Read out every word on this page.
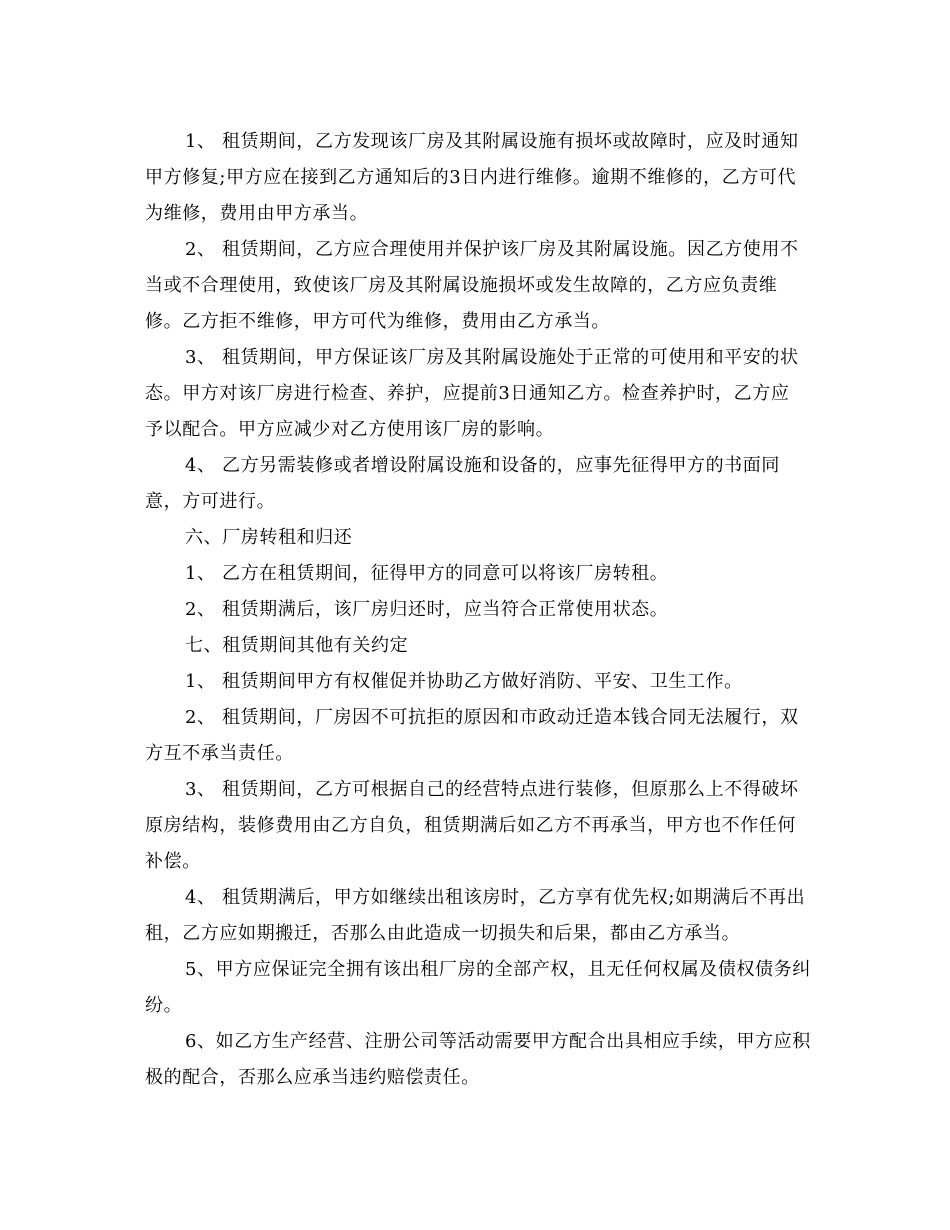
1、 租赁期间，乙方发现该厂房及其附属设施有损坏或故障时，应及时通知
甲方修复;甲方应在接到乙方通知后的3日内进行维修。逾期不维修的，乙方可代
为维修，费用由甲方承当。
2、 租赁期间，乙方应合理使用并保护该厂房及其附属设施。因乙方使用不
当或不合理使用，致使该厂房及其附属设施损坏或发生故障的，乙方应负责维
修。乙方拒不维修，甲方可代为维修，费用由乙方承当。
3、 租赁期间，甲方保证该厂房及其附属设施处于正常的可使用和平安的状
态。甲方对该厂房进行检查、养护，应提前3日通知乙方。检查养护时，乙方应
予以配合。甲方应减少对乙方使用该厂房的影响。
4、 乙方另需装修或者增设附属设施和设备的，应事先征得甲方的书面同
意，方可进行。
六、厂房转租和归还
1、 乙方在租赁期间，征得甲方的同意可以将该厂房转租。
2、 租赁期满后，该厂房归还时，应当符合正常使用状态。
七、租赁期间其他有关约定
1、 租赁期间甲方有权催促并协助乙方做好消防、平安、卫生工作。
2、 租赁期间，厂房因不可抗拒的原因和市政动迁造本钱合同无法履行，双
方互不承当责任。
3、 租赁期间，乙方可根据自己的经营特点进行装修，但原那么上不得破坏
原房结构，装修费用由乙方自负，租赁期满后如乙方不再承当，甲方也不作任何
补偿。
4、 租赁期满后，甲方如继续出租该房时，乙方享有优先权;如期满后不再出
租，乙方应如期搬迁，否那么由此造成一切损失和后果，都由乙方承当。
5、甲方应保证完全拥有该出租厂房的全部产权，且无任何权属及债权债务纠
纷。
6、如乙方生产经营、注册公司等活动需要甲方配合出具相应手续，甲方应积
极的配合，否那么应承当违约赔偿责任。
